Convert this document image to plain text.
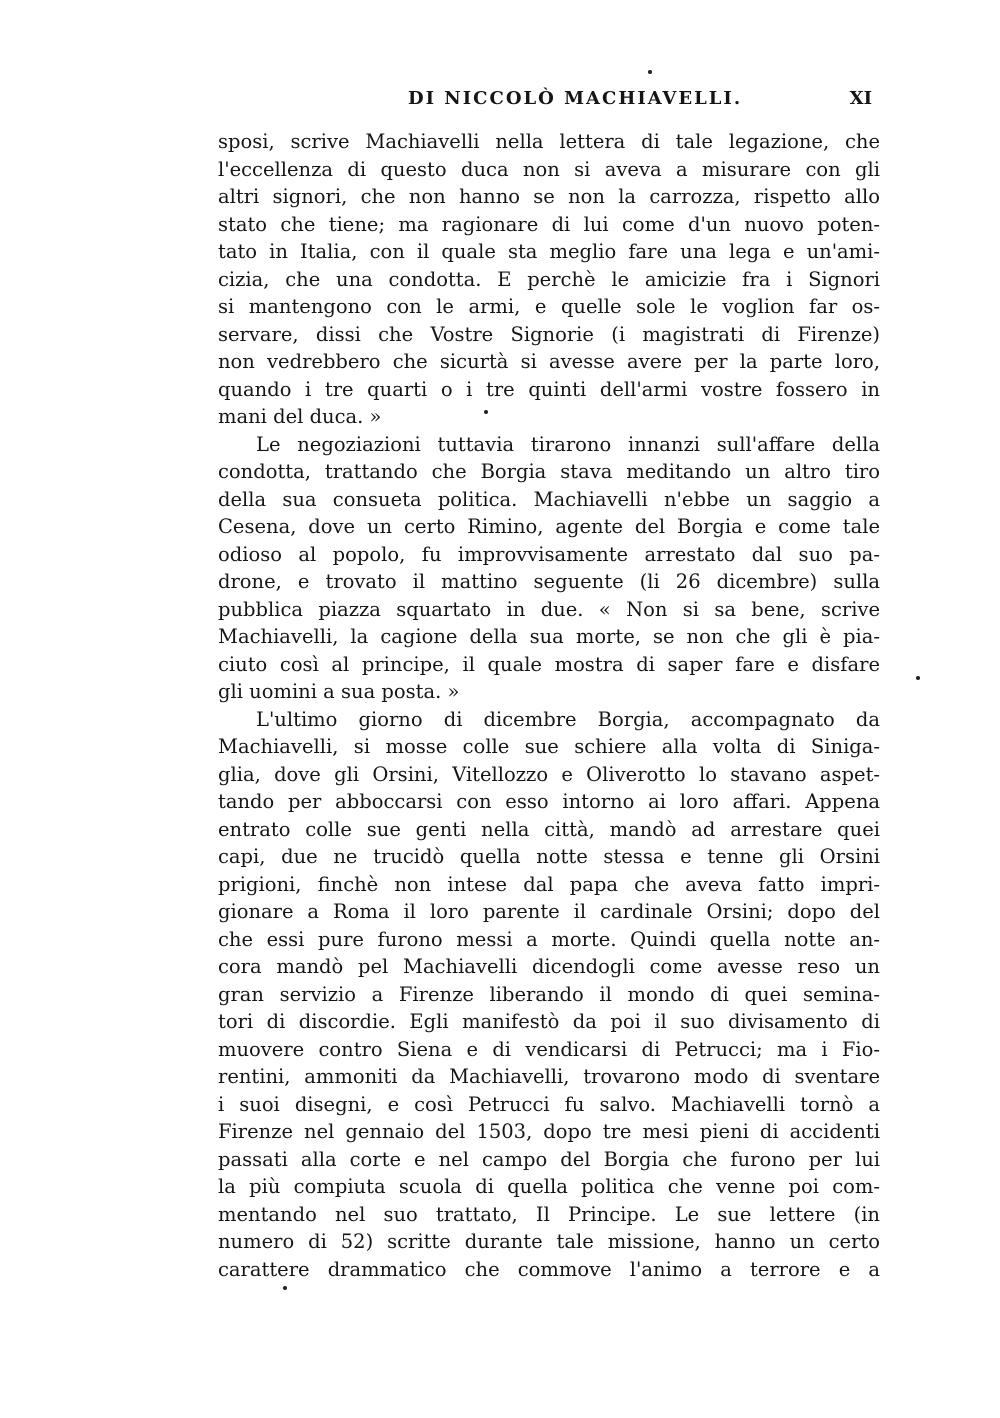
DI NICCOLÒ MACHIAVELLI.	XI
sposi, scrive Machiavelli nella lettera di tale legazione, che
l'eccellenza di questo duca non si aveva a misurare con gli
altri signori, che non hanno se non la carrozza, rispetto allo
stato che tiene; ma ragionare di lui come d'un nuovo poten-
tato in Italia, con il quale sta meglio fare una lega e un'ami-
cizia, che una condotta. E perchè le amicizie fra i Signori
si mantengono con le armi, e quelle sole le voglion far os-
servare, dissi che Vostre Signorie (i magistrati di Firenze)
non vedrebbero che sicurtà si avesse avere per la parte loro,
quando i tre quarti o i tre quinti dell'armi vostre fossero in
mani del duca. »
Le negoziazioni tuttavia tirarono innanzi sull'affare della
condotta, trattando che Borgia stava meditando un altro tiro
della sua consueta politica. Machiavelli n'ebbe un saggio a
Cesena, dove un certo Rimino, agente del Borgia e come tale
odioso al popolo, fu improvvisamente arrestato dal suo pa-
drone, e trovato il mattino seguente (li 26 dicembre) sulla
pubblica piazza squartato in due. « Non si sa bene, scrive
Machiavelli, la cagione della sua morte, se non che gli è pia-
ciuto così al principe, il quale mostra di saper fare e disfare
gli uomini a sua posta. »
L'ultimo giorno di dicembre Borgia, accompagnato da
Machiavelli, si mosse colle sue schiere alla volta di Siniga-
glia, dove gli Orsini, Vitellozzo e Oliverotto lo stavano aspet-
tando per abboccarsi con esso intorno ai loro affari. Appena
entrato colle sue genti nella città, mandò ad arrestare quei
capi, due ne trucidò quella notte stessa e tenne gli Orsini
prigioni, finchè non intese dal papa che aveva fatto impri-
gionare a Roma il loro parente il cardinale Orsini; dopo del
che essi pure furono messi a morte. Quindi quella notte an-
cora mandò pel Machiavelli dicendogli come avesse reso un
gran servizio a Firenze liberando il mondo di quei semina-
tori di discordie. Egli manifestò da poi il suo divisamento di
muovere contro Siena e di vendicarsi di Petrucci; ma i Fio-
rentini, ammoniti da Machiavelli, trovarono modo di sventare
i suoi disegni, e così Petrucci fu salvo. Machiavelli tornò a
Firenze nel gennaio del 1503, dopo tre mesi pieni di accidenti
passati alla corte e nel campo del Borgia che furono per lui
la più compiuta scuola di quella politica che venne poi com-
mentando nel suo trattato, Il Principe. Le sue lettere (in
numero di 52) scritte durante tale missione, hanno un certo
carattere drammatico che commove l'animo a terrore e a
